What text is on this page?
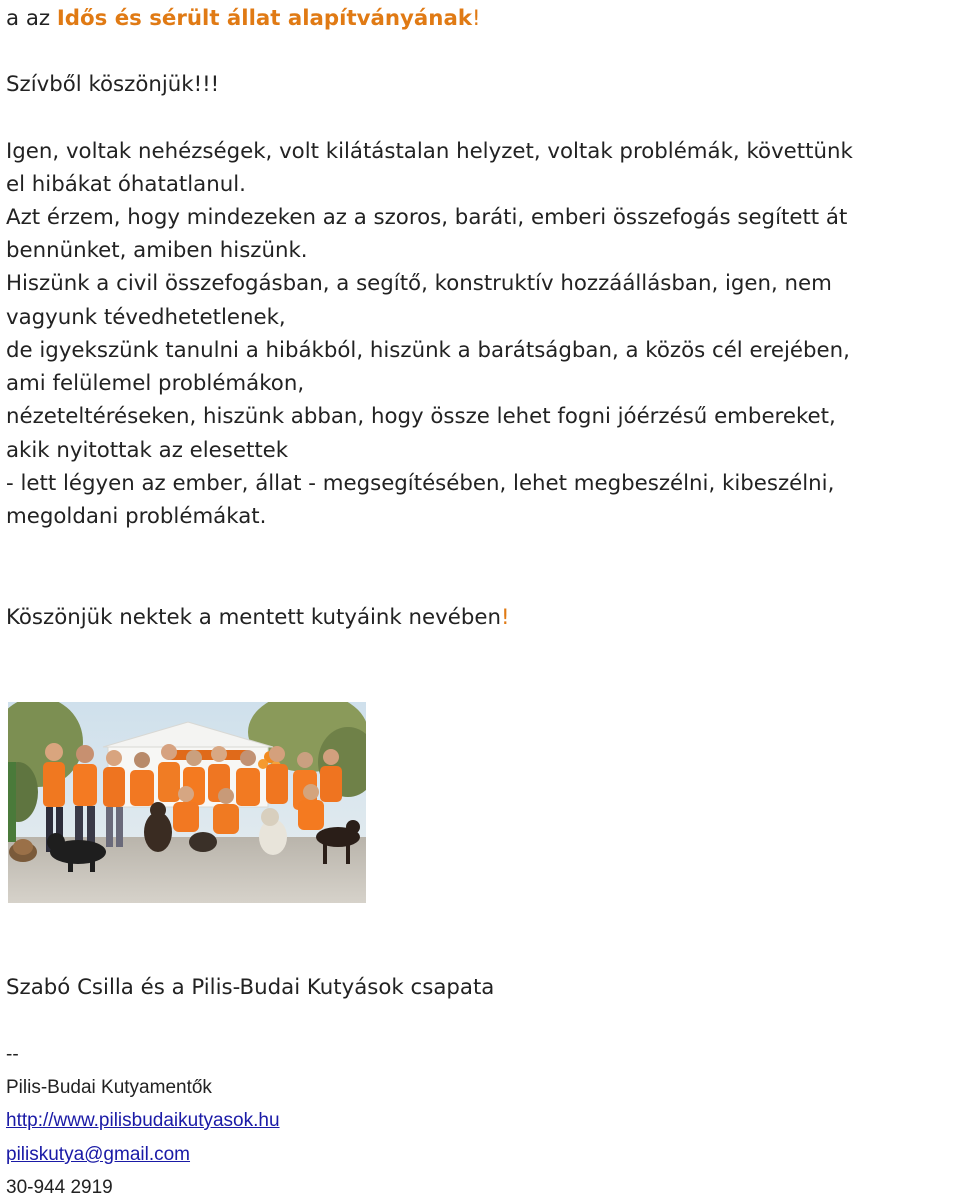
a az Idős és sérült állat alapítványának!
Szívből köszönjük!!!
Igen, voltak nehézségek, volt kilátástalan helyzet, voltak problémák, követtünk
el hibákat óhatatlanul.
Azt érzem, hogy mindezeken az a szoros, baráti, emberi összefogás segített át
bennünket, amiben hiszünk.
Hiszünk a civil összefogásban, a segítő, konstruktív hozzáállásban, igen, nem
vagyunk tévedhetetlenek,
de igyekszünk tanulni a hibákból, hiszünk a barátságban, a közös cél erejében,
ami felülemel problémákon,
nézeteltéréseken, hiszünk abban, hogy össze lehet fogni jóérzésű embereket,
akik nyitottak az elesettek
- lett légyen az ember, állat - megsegítésében, lehet megbeszélni, kibeszélni,
megoldani problémákat.
Köszönjük nektek a mentett kutyáink nevében!
Szabó Csilla és a Pilis-Budai Kutyások csapata
--
Pilis-Budai Kutyamentők
http://www.pilisbudaikutyasok.hu
piliskutya@gmail.com
30-944 2919
